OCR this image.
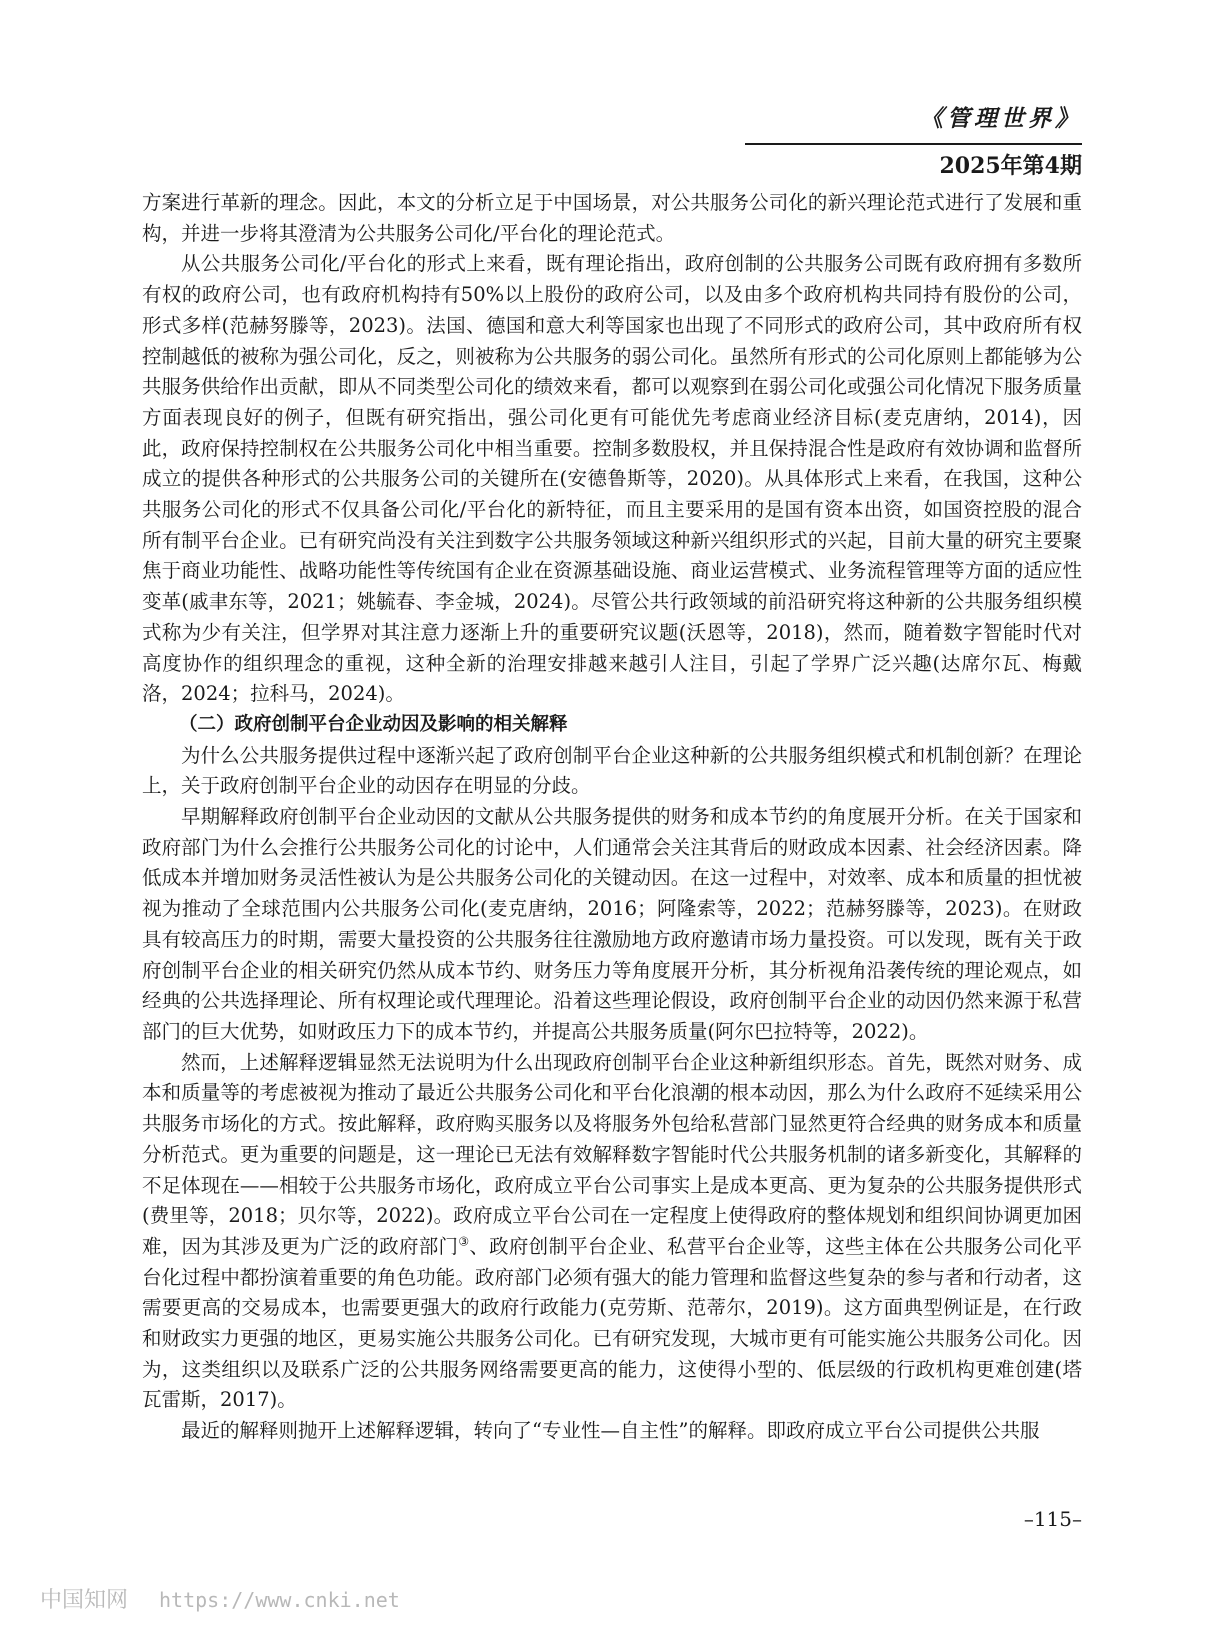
《管理世界》
2025年第4期

方案进行革新的理念。因此，本文的分析立足于中国场景，对公共服务公司化的新兴理论范式进行了发展和重构，并进一步将其澄清为公共服务公司化/平台化的理论范式。

从公共服务公司化/平台化的形式上来看，既有理论指出，政府创制的公共服务公司既有政府拥有多数所有权的政府公司，也有政府机构持有50%以上股份的政府公司，以及由多个政府机构共同持有股份的公司，形式多样(范赫努滕等，2023)。法国、德国和意大利等国家也出现了不同形式的政府公司，其中政府所有权控制越低的被称为强公司化，反之，则被称为公共服务的弱公司化。虽然所有形式的公司化原则上都能够为公共服务供给作出贡献，即从不同类型公司化的绩效来看，都可以观察到在弱公司化或强公司化情况下服务质量方面表现良好的例子，但既有研究指出，强公司化更有可能优先考虑商业经济目标(麦克唐纳，2014)，因此，政府保持控制权在公共服务公司化中相当重要。控制多数股权，并且保持混合性是政府有效协调和监督所成立的提供各种形式的公共服务公司的关键所在(安德鲁斯等，2020)。从具体形式上来看，在我国，这种公共服务公司化的形式不仅具备公司化/平台化的新特征，而且主要采用的是国有资本出资，如国资控股的混合所有制平台企业。已有研究尚没有关注到数字公共服务领域这种新兴组织形式的兴起，目前大量的研究主要聚焦于商业功能性、战略功能性等传统国有企业在资源基础设施、商业运营模式、业务流程管理等方面的适应性变革(戚聿东等，2021；姚毓春、李金城，2024)。尽管公共行政领域的前沿研究将这种新的公共服务组织模式称为少有关注，但学界对其注意力逐渐上升的重要研究议题(沃恩等，2018)，然而，随着数字智能时代对高度协作的组织理念的重视，这种全新的治理安排越来越引人注目，引起了学界广泛兴趣(达席尔瓦、梅戴洛，2024；拉科马，2024)。

（二）政府创制平台企业动因及影响的相关解释

为什么公共服务提供过程中逐渐兴起了政府创制平台企业这种新的公共服务组织模式和机制创新？在理论上，关于政府创制平台企业的动因存在明显的分歧。

早期解释政府创制平台企业动因的文献从公共服务提供的财务和成本节约的角度展开分析。在关于国家和政府部门为什么会推行公共服务公司化的讨论中，人们通常会关注其背后的财政成本因素、社会经济因素。降低成本并增加财务灵活性被认为是公共服务公司化的关键动因。在这一过程中，对效率、成本和质量的担忧被视为推动了全球范围内公共服务公司化(麦克唐纳，2016；阿隆索等，2022；范赫努滕等，2023)。在财政具有较高压力的时期，需要大量投资的公共服务往往激励地方政府邀请市场力量投资。可以发现，既有关于政府创制平台企业的相关研究仍然从成本节约、财务压力等角度展开分析，其分析视角沿袭传统的理论观点，如经典的公共选择理论、所有权理论或代理理论。沿着这些理论假设，政府创制平台企业的动因仍然来源于私营部门的巨大优势，如财政压力下的成本节约，并提高公共服务质量(阿尔巴拉特等，2022)。

然而，上述解释逻辑显然无法说明为什么出现政府创制平台企业这种新组织形态。首先，既然对财务、成本和质量等的考虑被视为推动了最近公共服务公司化和平台化浪潮的根本动因，那么为什么政府不延续采用公共服务市场化的方式。按此解释，政府购买服务以及将服务外包给私营部门显然更符合经典的财务成本和质量分析范式。更为重要的问题是，这一理论已无法有效解释数字智能时代公共服务机制的诸多新变化，其解释的不足体现在——相较于公共服务市场化，政府成立平台公司事实上是成本更高、更为复杂的公共服务提供形式(费里等，2018；贝尔等，2022)。政府成立平台公司在一定程度上使得政府的整体规划和组织间协调更加困难，因为其涉及更为广泛的政府部门③、政府创制平台企业、私营平台企业等，这些主体在公共服务公司化平台化过程中都扮演着重要的角色功能。政府部门必须有强大的能力管理和监督这些复杂的参与者和行动者，这需要更高的交易成本，也需要更强大的政府行政能力(克劳斯、范蒂尔，2019)。这方面典型例证是，在行政和财政实力更强的地区，更易实施公共服务公司化。已有研究发现，大城市更有可能实施公共服务公司化。因为，这类组织以及联系广泛的公共服务网络需要更高的能力，这使得小型的、低层级的行政机构更难创建(塔瓦雷斯，2017)。

最近的解释则抛开上述解释逻辑，转向了“专业性—自主性”的解释。即政府成立平台公司提供公共服

–115–
中国知网 https://www.cnki.net
